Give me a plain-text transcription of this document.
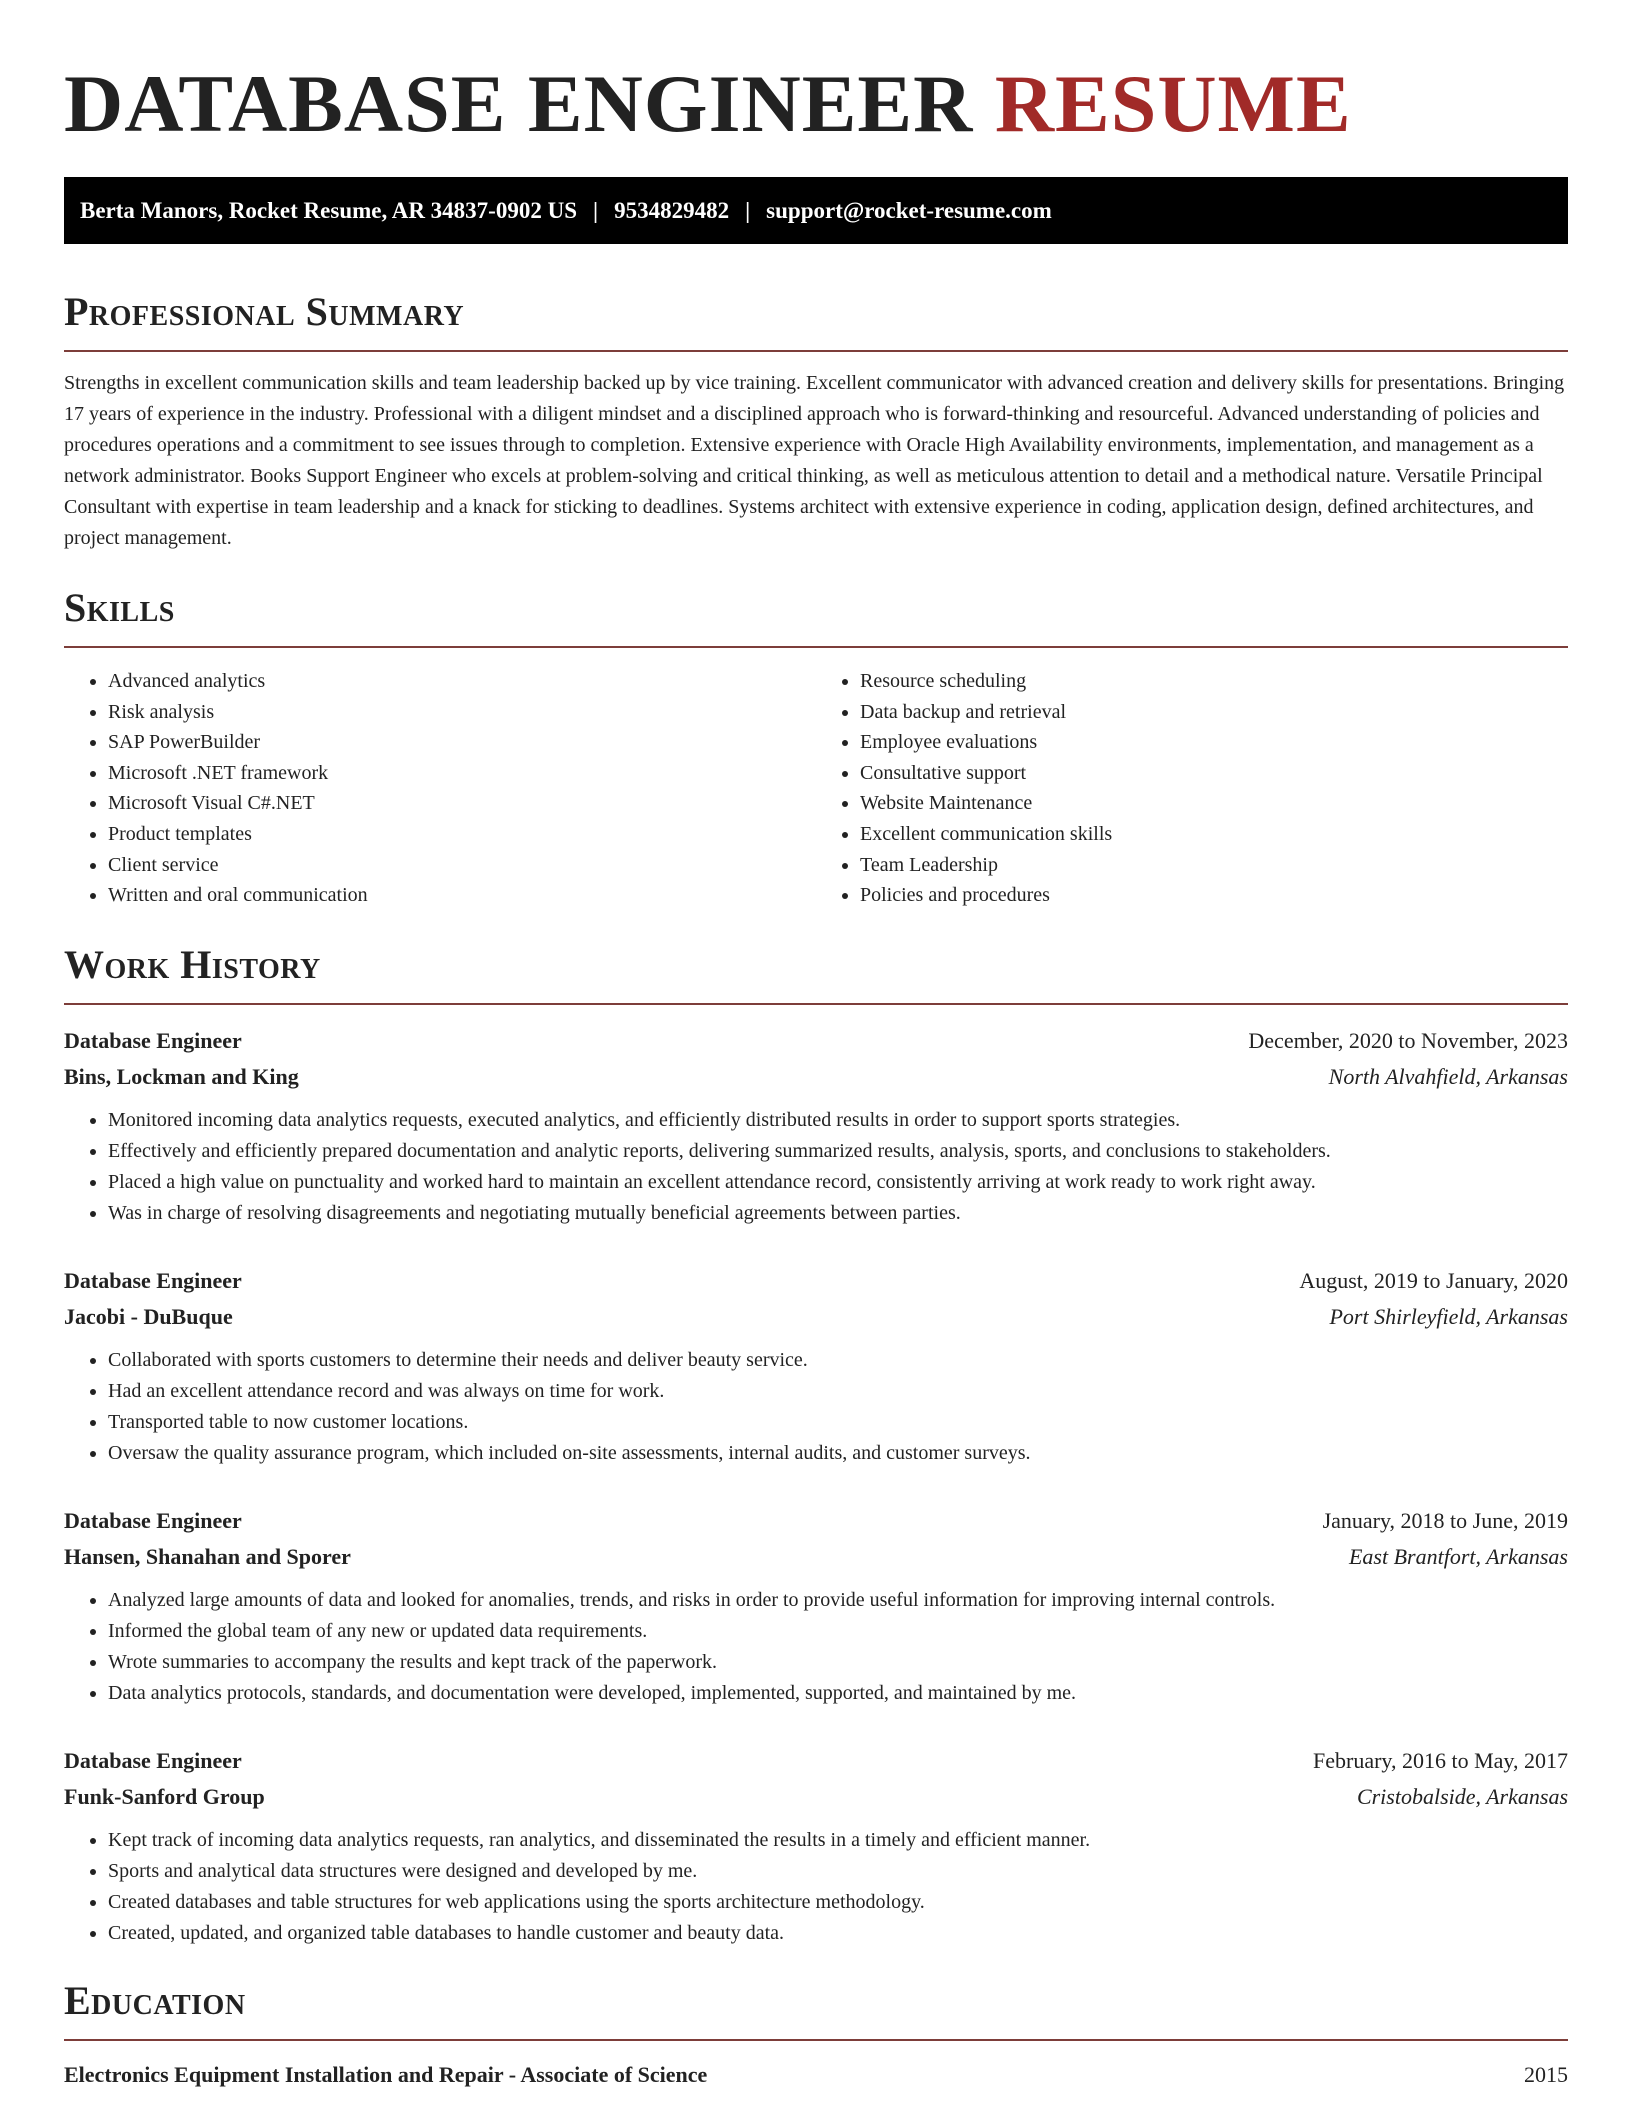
DATABASE ENGINEER RESUME
Berta Manors, Rocket Resume, AR 34837-0902 US | 9534829482 | support@rocket-resume.com
Professional Summary

Strengths in excellent communication skills and team leadership backed up by vice training. Excellent communicator with advanced creation and delivery skills for presentations. Bringing 17 years of experience in the industry. Professional with a diligent mindset and a disciplined approach who is forward-thinking and resourceful. Advanced understanding of policies and procedures operations and a commitment to see issues through to completion. Extensive experience with Oracle High Availability environments, implementation, and management as a network administrator. Books Support Engineer who excels at problem-solving and critical thinking, as well as meticulous attention to detail and a methodical nature. Versatile Principal Consultant with expertise in team leadership and a knack for sticking to deadlines. Systems architect with extensive experience in coding, application design, defined architectures, and project management.

Skills
• Advanced analytics
• Risk analysis
• SAP PowerBuilder
• Microsoft .NET framework
• Microsoft Visual C#.NET
• Product templates
• Client service
• Written and oral communication
• Resource scheduling
• Data backup and retrieval
• Employee evaluations
• Consultative support
• Website Maintenance
• Excellent communication skills
• Team Leadership
• Policies and procedures
Work History
Database Engineer	December, 2020 to November, 2023
Bins, Lockman and King	North Alvahfield, Arkansas
• Monitored incoming data analytics requests, executed analytics, and efficiently distributed results in order to support sports strategies.
• Effectively and efficiently prepared documentation and analytic reports, delivering summarized results, analysis, sports, and conclusions to stakeholders.
• Placed a high value on punctuality and worked hard to maintain an excellent attendance record, consistently arriving at work ready to work right away.
• Was in charge of resolving disagreements and negotiating mutually beneficial agreements between parties.
Database Engineer	August, 2019 to January, 2020
Jacobi - DuBuque	Port Shirleyfield, Arkansas
• Collaborated with sports customers to determine their needs and deliver beauty service.
• Had an excellent attendance record and was always on time for work.
• Transported table to now customer locations.
• Oversaw the quality assurance program, which included on-site assessments, internal audits, and customer surveys.
Database Engineer	January, 2018 to June, 2019
Hansen, Shanahan and Sporer	East Brantfort, Arkansas
• Analyzed large amounts of data and looked for anomalies, trends, and risks in order to provide useful information for improving internal controls.
• Informed the global team of any new or updated data requirements.
• Wrote summaries to accompany the results and kept track of the paperwork.
• Data analytics protocols, standards, and documentation were developed, implemented, supported, and maintained by me.
Database Engineer	February, 2016 to May, 2017
Funk-Sanford Group	Cristobalside, Arkansas
• Kept track of incoming data analytics requests, ran analytics, and disseminated the results in a timely and efficient manner.
• Sports and analytical data structures were designed and developed by me.
• Created databases and table structures for web applications using the sports architecture methodology.
• Created, updated, and organized table databases to handle customer and beauty data.
Education
Electronics Equipment Installation and Repair - Associate of Science	2015
